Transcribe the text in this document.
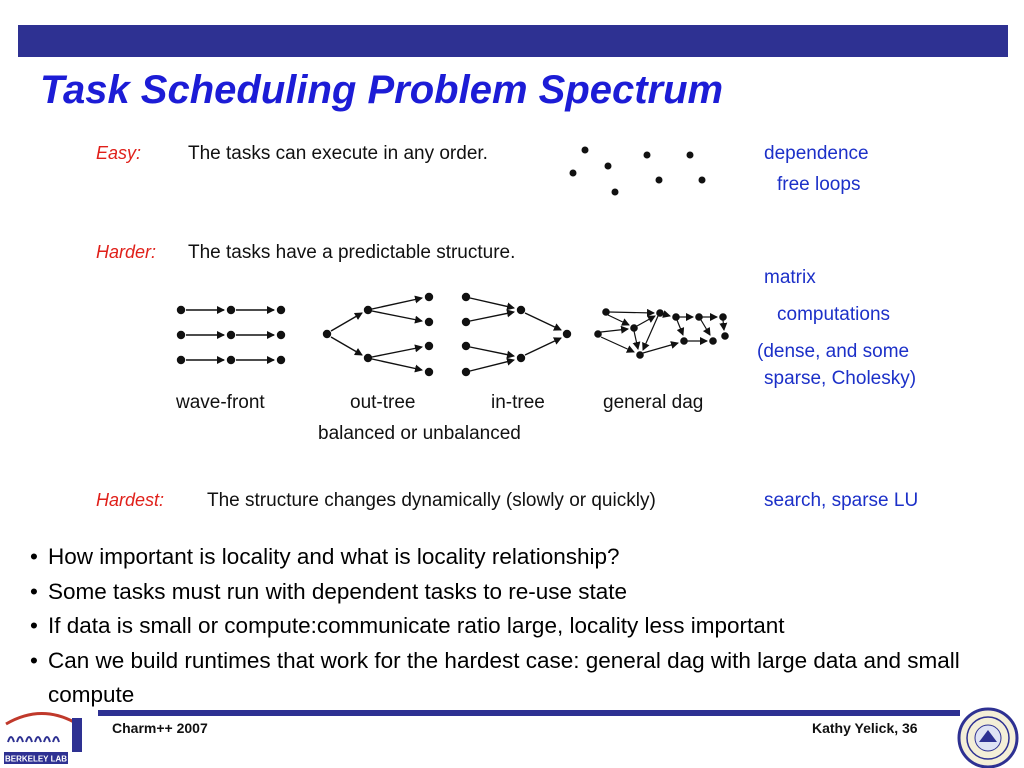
Task Scheduling Problem Spectrum
Easy: The tasks can execute in any order.	dependence
free loops
Harder: The tasks have a predictable structure.
matrix
computations
(dense, and some
sparse, Cholesky)
wave-front	out-tree	in-tree	general dag
balanced or unbalanced
Hardest: The structure changes dynamically (slowly or quickly)	search, sparse LU
• How important is locality and what is locality relationship?
• Some tasks must run with dependent tasks to re-use state
• If data is small or compute:communicate ratio large, locality less important
• Can we build runtimes that work for the hardest case: general dag with large data and small compute
Charm++ 2007	Kathy Yelick, 36
BERKELEY LAB
